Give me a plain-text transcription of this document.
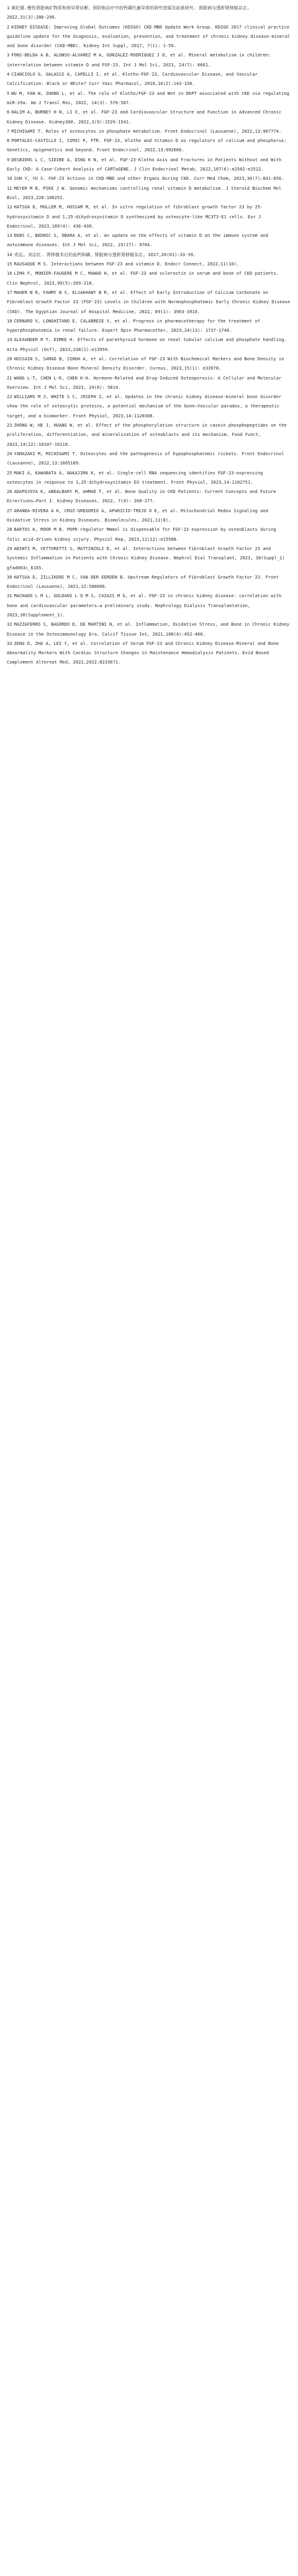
1 黄纪惠.慢性肾脏病矿物质和骨异常诊断、预防和治疗中的钙磷代谢异常的研究进展及前景研究. 肾脏病与透析肾移植杂志, 2022,31(3):286-290.
2 KIDNEY DISEASE: Improving Global Outcomes (KDIGO) CKD-MBD Update Work Group. KDIGO 2017 clinical practice guideline update for the diagnosis, evaluation, prevention, and treatment of chronic kidney disease-mineral and bone disorder (CKD-MBD). Kidney Int Suppl, 2017, 7(1): 1-59.
3 FONS-BELDA A B, ALONSO-ALVAREZ M A, GONZÁLEZ-RODRÍGUEZ J D, et al. Mineral metabolism in children: interrelation between vitamin D and FGF-23. Int J Mol Sci, 2023, 24(7): 6661.
4 CIANCIOLO G, GALASSI A, CAPELLI I, et al. Klotho-FGF-23, Cardiovascular Disease, and Vascular Calcification: Black or White? Curr Vasc Pharmacol, 2018,16(2):143-156.
5 WU M, FAN W, ZHONG L, et al. The role of Klotho/FGF-23 and Wnt in DKPT associated with CKD via regulating miR-29a. Am J Transl Res, 2022, 14(3): 576-587.
6 HALIM A, BURNEY H N, LI X, et al. FGF-23 and Cardiovascular Structure and Function in Advanced Chronic Kidney Disease. Kidney360, 2022,3(9):1529-1541.
7 MICHIGAMI T. Roles of osteocytes in phosphate metabolism. Front Endocrinol (Lausanne), 2022,13:967774.
8 PORTALES-CASTILLO I, SIMIC P, FTR. FGF-23, Klotho and Vitamin D as regulators of calcium and phosphorus: Genetics, epigenetics and beyond. Front Endocrinol, 2022,13:992666.
9 DESBIENS L C, SIDIBE A, DING K N, et al. FGF-23-Klotho Axis and Fractures in Patients Without and With Early CKD: A Case-Cohort Analysis of CARTaGENE. J Clin Endocrinol Metab, 2022,107(6):e2502-e2512.
10 SUN Y, YU S. FGF-23 Actions in CKD-MBD and other Organs During CKD. Curr Med Chem, 2023,30(7):841-856.
11 MEYER M B, PIKE J W. Genomic mechanisms controlling renal vitamin D metabolism. J Steroid Biochem Mol Biol, 2023,228:106252.
12 HATSUA D, MULLER M, HOSSAM M, et al. In vitro regulation of fibroblast growth factor 23 by 25-hydroxyvitamin D and 1,25-dihydroxyvitamin D synthesized by osteocyte-like MC3T3-E1 cells. Eur J Endocrinol, 2023,189(4): 436-438.
13 DEBS C, BEDNIC S, OBARA A, et al. An update on the effects of vitamin D on the immune system and autoimmune diseases. Int J Mol Sci, 2022, 23(17): 9784.
14 戎运, 刘志红. 肾移植术后的血钙和磷、肾脏病与透析肾移植杂志, 2017,26(01):33-39.
15 RAUSAQUE M S. Interactions between FGF-23 and vitamin D. Endocr Connect, 2022,11(10).
16 LIMA F, MONIER-FAUGERE M C, MAWAD H, et al. FGF-23 and sclerostin in serum and bone of CKD patients. Clin Nephrol, 2023,99(5):209-218.
17 MAHER N R, FAHMY B S, ELSAKHAWY B R, et al. Effect of Early Introduction of Calcium Carbonate on Fibroblast Growth Factor 23 (FGF-23) Levels in Children with Normophosphatemic Early Chronic Kidney Disease (CKD). The Egyptian Journal of Hospital Medicine, 2022, 89(1): 3903-3910.
18 CERNARO V, LONGHITANO E, CALABRESE V, et al. Progress in pharmacotherapy for the treatment of hyperphosphatemia in renal failure. Expert Opin Pharmacother, 2023,24(13): 1737-1746.
19 ALEXANDER R T, DIMKE H. Effects of parathyroid hormone on renal tubular calcium and phosphate handling. Acta Physiol (Oxf), 2023,238(1):e13959.
20 HUSSAIN S, SAMAD B, SINGH A, et al. Correlation of FGF-23 With Biochemical Markers and Bone Density in Chronic Kidney Disease-Bone Mineral Density Disorder. Cureus, 2023,15(1): e33978.
21 WANG L-T, CHEN L-R, CHEN K-H. Hormone-Related and Drug-Induced Osteoporosis: A Cellular and Molecular Overview. Int J Mol Sci, 2023, 24(6): 5814.
22 WILLIAMS M J, WHITE S C, JOSEPH Z, et al. Updates in the chronic kidney disease-mineral bone disorder show the role of osteocytic proteins, a potential mechanism of the bone—Vascular paradox, a therapeutic target, and a biomarker. Front Physiol, 2023,14:1120308.
23 ZHONG W, HE J, HUANG W, et al. Effect of the phosphorylation structure in casein phosphopeptides on the proliferation, differentiation, and mineralization of osteoblasts and its mechanism. Food Funct, 2023,14(22):10107-10118.
24 YAMAZAKI M, MICHIGAMI T. Osteocytes and the pathogenesis of hypophosphatemic rickets. Front Endocrinol (Lausanne), 2022,13:1005189.
25 MAKI A, KAWABATA A, NAKAJIMA K, et al. Single-cell RNA sequencing identifies FGF-23-expressing osteocytes in response to 1,25-dihydroxyvitamin D3 treatment. Front Physiol, 2023,14:1102751.
26 ADAPOJOYA K, ABDALBARY M, AHMAD T, et al. Bone Quality in CKD Patients: Current Concepts and Future Directions—Part I. Kidney Diseases, 2022, 7(4): 268-277.
27 ARANDA-RIVERA A K, CRUZ-GREGORIO A, APARICIO-TREJO O E, et al. Mitochondrial Redox Signaling and Oxidative Stress in Kidney Diseases. Biomolecules, 2021,11(8).
28 BARTOS K, MOOR M B. PDPR regulator Mmmol is dispensable for FGF-23 expression by osteoblasts during folic acid-driven kidney injury. Physiol Rep, 2023,11(12):e15588.
29 ABINTI M, VETTORETTI S, MATTINZOLI D, et al. Interactions between Fibroblast Growth Factor 23 and Systemic Inflammation in Patients with Chronic Kidney Disease. Nephrol Dial Transplant, 2023, 38(Suppl_1) gfad063c_6165.
30 HATSUA D, ZILLIKENS M C, VAN DER EERDEN B. Upstream Regulators of Fibroblast Growth Factor 23. Front Endocrinol (Lausanne), 2021,12:588096.
31 MACHADO L M L, GOLDANI L Q M S, CAZAIS M G, et al. FGF-23 in chronic kidney disease: correlation with bone and cardiovascular parameters—a preliminary study. Nephrology Dialysis Transplantation, 2023,38(Supplement_1).
32 MAZZAFERRO S, BAGORDO D, DE MARTINI N, et al. Inflammation, Oxidative Stress, and Bone in Chronic Kidney Disease in the Osteoimmunology Era. Calcif Tissue Int, 2021,108(4):452-460.
33 ZENG D, ZHA A, LEI Y, et al. Correlation of Serum FGF-23 and Chronic Kidney Disease-Mineral and Bone Abnormality Markers With Cardiac Structure Changes in Maintenance Hemodialysis Patients. Evid Based Complement Alternat Med, 2022,2022:8233671.
